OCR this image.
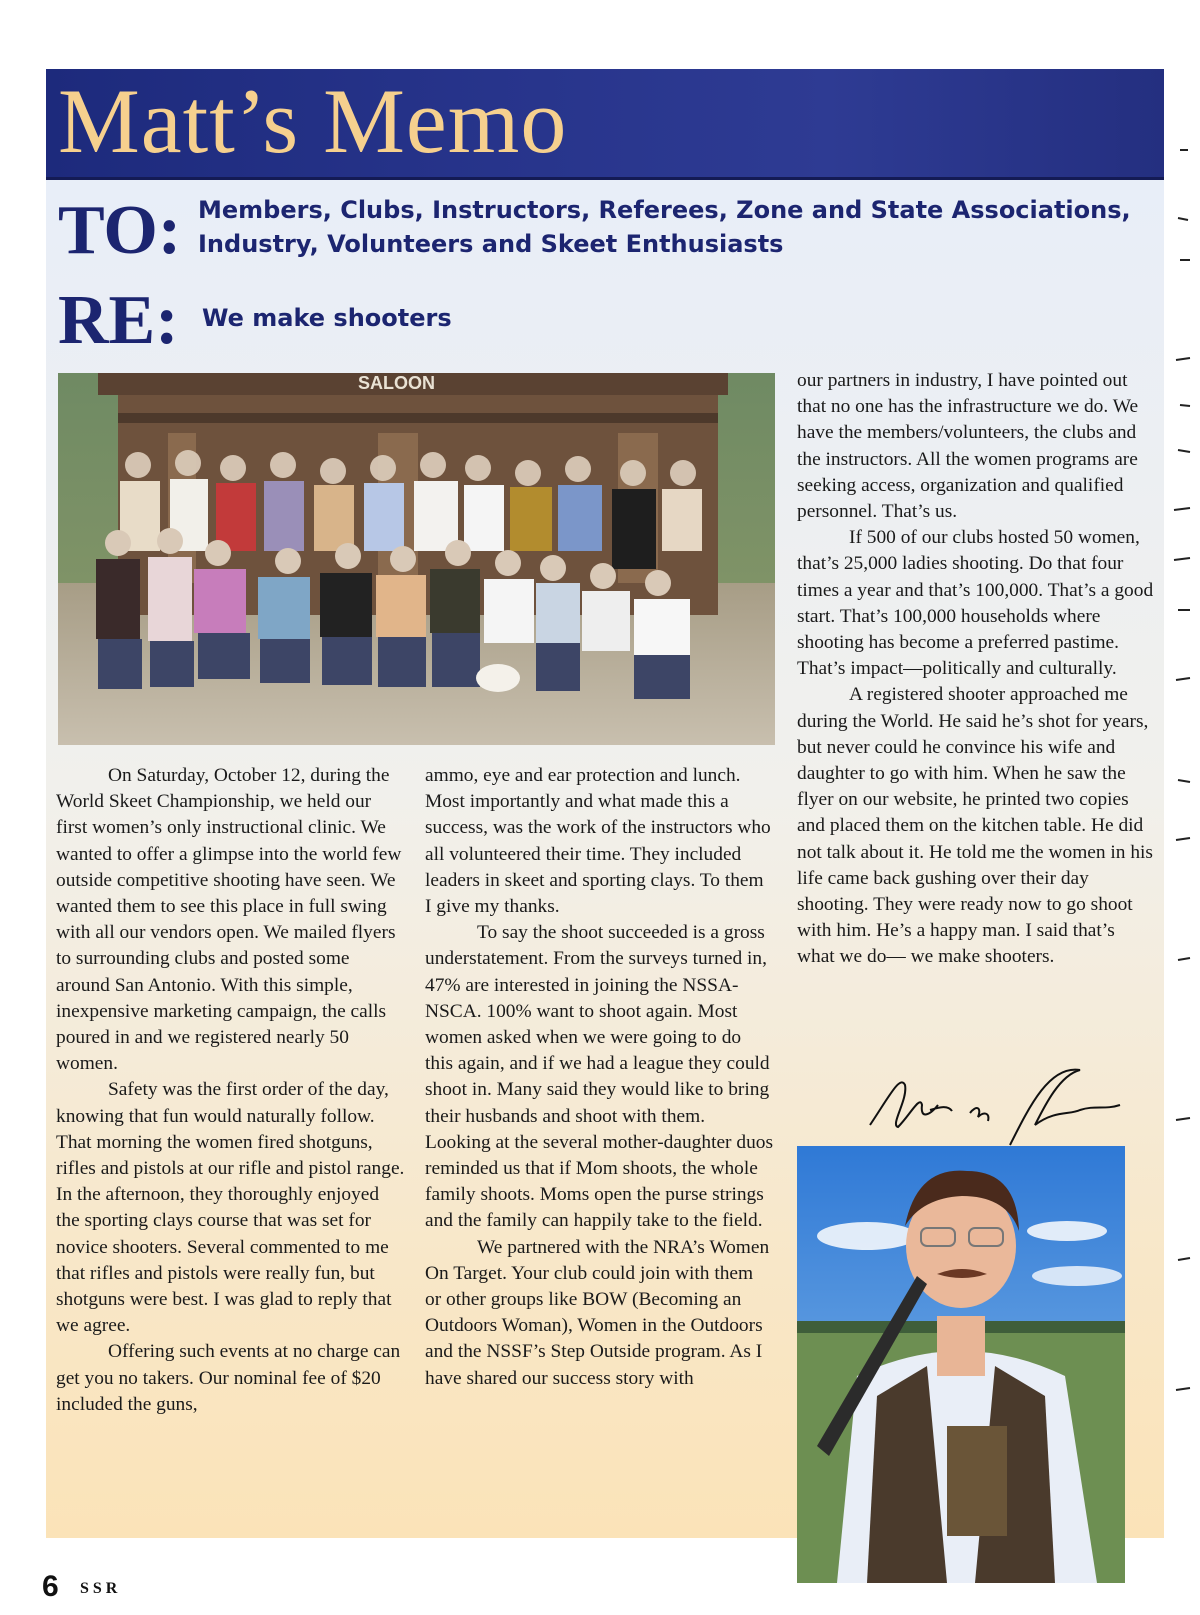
Matt’s Memo
TO: Members, Clubs, Instructors, Referees, Zone and State Associations,
Industry, Volunteers and Skeet Enthusiasts
RE: We make shooters
SALOON

On Saturday, October 12, during the World Skeet Championship, we held our first women’s only instructional clinic. We wanted to offer a glimpse into the world few outside competitive shooting have seen. We wanted them to see this place in full swing with all our vendors open. We mailed flyers to surrounding clubs and posted some around San Antonio. With this simple, inexpensive marketing campaign, the calls poured in and we registered nearly 50 women.

Safety was the first order of the day, knowing that fun would naturally follow. That morning the women fired shotguns, rifles and pistols at our rifle and pistol range. In the afternoon, they thoroughly enjoyed the sporting clays course that was set for novice shooters. Several commented to me that rifles and pistols were really fun, but shotguns were best. I was glad to reply that we agree.

Offering such events at no charge can get you no takers. Our nominal fee of $20 included the guns,

ammo, eye and ear protection and lunch. Most importantly and what made this a success, was the work of the instructors who all volunteered their time. They included leaders in skeet and sporting clays. To them I give my thanks.

To say the shoot succeeded is a gross understatement. From the surveys turned in, 47% are interested in joining the NSSA-NSCA. 100% want to shoot again. Most women asked when we were going to do this again, and if we had a league they could shoot in. Many said they would like to bring their husbands and shoot with them. Looking at the several mother-daughter duos reminded us that if Mom shoots, the whole family shoots. Moms open the purse strings and the family can happily take to the field.

We partnered with the NRA’s Women On Target. Your club could join with them or other groups like BOW (Becoming an Outdoors Woman), Women in the Outdoors and the NSSF’s Step Outside program. As I have shared our success story with

our partners in industry, I have pointed out that no one has the infrastructure we do. We have the members/volunteers, the clubs and the instructors. All the women programs are seeking access, organization and qualified personnel. That’s us.

If 500 of our clubs hosted 50 women, that’s 25,000 ladies shooting. Do that four times a year and that’s 100,000. That’s a good start. That’s 100,000 households where shooting has become a preferred pastime. That’s impact—politically and culturally.

A registered shooter approached me during the World. He said he’s shot for years, but never could he convince his wife and daughter to go with him. When he saw the flyer on our website, he printed two copies and placed them on the kitchen table. He did not talk about it. He told me the women in his life came back gushing over their day shooting. They were ready now to go shoot with him. He’s a happy man. I said that’s what we do— we make shooters.

6 SSR
